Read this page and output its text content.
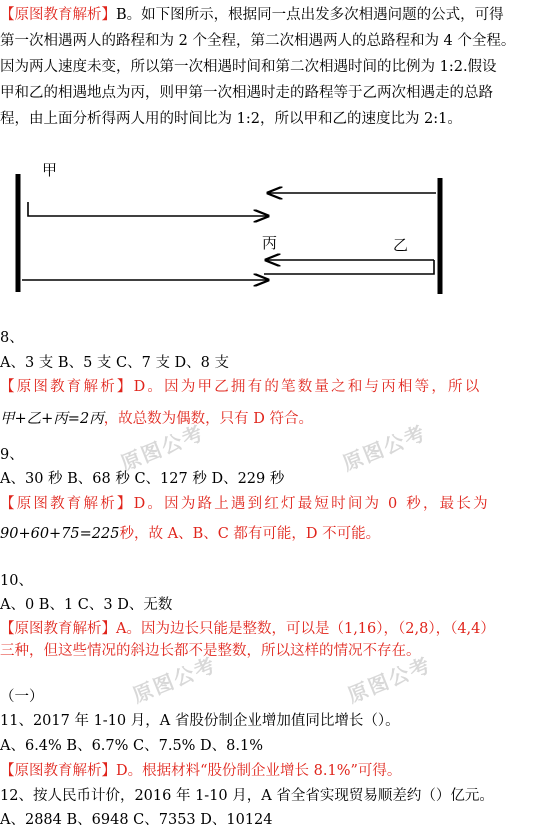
原图公考	原图公考
原图公考	原图公考
【原图教育解析】B。如下图所示，根据同一点出发多次相遇问题的公式，可得
第一次相遇两人的路程和为 2 个全程，第二次相遇两人的总路程和为 4 个全程。
因为两人速度未变，所以第一次相遇时间和第二次相遇时间的比例为 1:2.假设
甲和乙的相遇地点为丙，则甲第一次相遇时走的路程等于乙两次相遇走的总路
程，由上面分析得两人用的时间比为 1:2，所以甲和乙的速度比为 2:1。
甲
丙	乙
8、
A、3 支 B、5 支 C、7 支 D、8 支
【原图教育解析】D。因为甲乙拥有的笔数量之和与丙相等，所以
甲+乙+丙=2丙，故总数为偶数，只有 D 符合。
9、
A、30 秒 B、68 秒 C、127 秒 D、229 秒
【原图教育解析】D。因为路上遇到红灯最短时间为 0 秒，最长为
90+60+75=225秒，故 A、B、C 都有可能，D 不可能。
10、
A、0 B、1 C、3 D、无数
【原图教育解析】A。因为边长只能是整数，可以是（1,16），（2,8），（4,4）
三种，但这些情况的斜边长都不是整数，所以这样的情况不存在。
（一）
11、2017 年 1-10 月，A 省股份制企业增加值同比增长（）。
A、6.4% B、6.7% C、7.5% D、8.1%
【原图教育解析】D。根据材料“股份制企业增长 8.1%”可得。
12、按人民币计价，2016 年 1-10 月，A 省全省实现贸易顺差约（）亿元。
A、2884 B、6948 C、7353 D、10124
